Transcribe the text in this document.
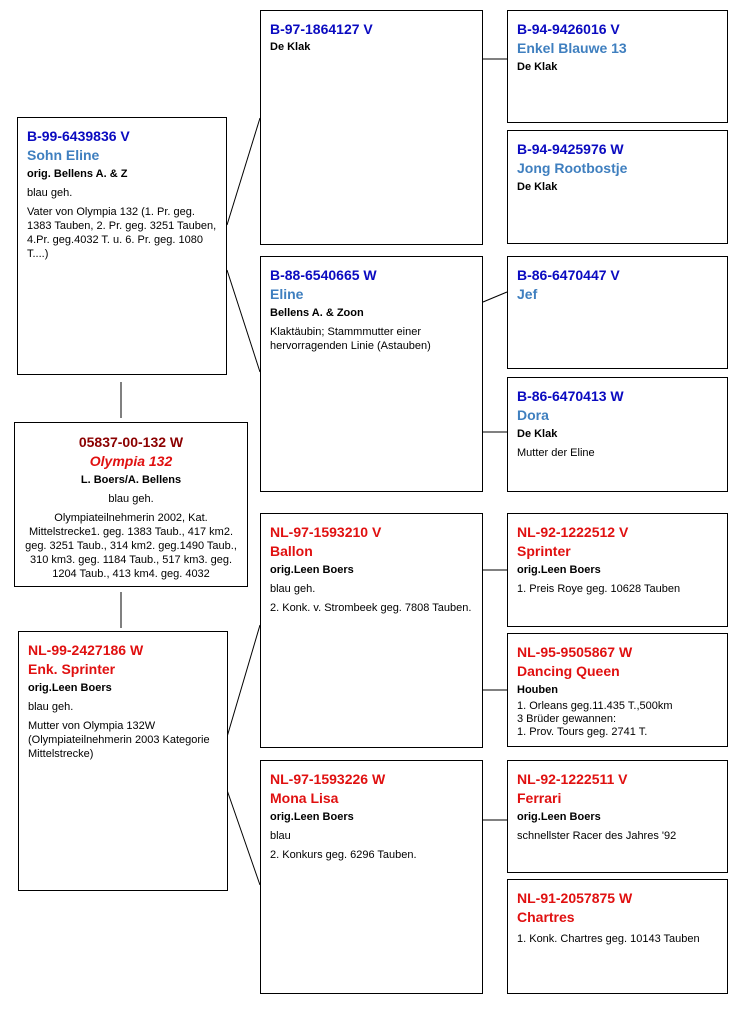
B-99-6439836 V
Sohn Eline
orig. Bellens A. & Z
blau geh.
Vater von Olympia 132 (1. Pr. geg. 1383 Tauben, 2. Pr. geg. 3251 Tauben, 4.Pr. geg.4032 T. u. 6. Pr. geg. 1080 T....)
05837-00-132 W
Olympia 132
L. Boers/A. Bellens
blau geh.
Olympiateilnehmerin 2002, Kat. Mittelstrecke1. geg. 1383 Taub., 417 km2. geg. 3251 Taub., 314 km2. geg.1490 Taub., 310 km3. geg. 1184 Taub., 517 km3. geg. 1204 Taub., 413 km4. geg. 4032
NL-99-2427186 W
Enk. Sprinter
orig.Leen Boers
blau geh.
Mutter von Olympia 132W (Olympiateilnehmerin 2003 Kategorie Mittelstrecke)
B-97-1864127 V
De Klak
B-88-6540665 W
Eline
Bellens A. & Zoon
Klaktäubin; Stammmutter einer hervorragenden Linie (Astauben)
NL-97-1593210 V
Ballon
orig.Leen Boers
blau geh.
2. Konk. v. Strombeek geg. 7808 Tauben.
NL-97-1593226 W
Mona Lisa
orig.Leen Boers
blau
2. Konkurs geg. 6296 Tauben.
B-94-9426016 V
Enkel Blauwe 13
De Klak
B-94-9425976 W
Jong Rootbostje
De Klak
B-86-6470447 V
Jef
B-86-6470413 W
Dora
De Klak
Mutter der Eline
NL-92-1222512 V
Sprinter
orig.Leen Boers
1. Preis Roye geg. 10628 Tauben
NL-95-9505867 W
Dancing Queen
Houben
1. Orleans geg.11.435 T.,500km
3 Brüder gewannen:
1. Prov. Tours geg. 2741 T.
NL-92-1222511 V
Ferrari
orig.Leen Boers
schnellster Racer des Jahres '92
NL-91-2057875 W
Chartres
1. Konk. Chartres geg. 10143 Tauben
